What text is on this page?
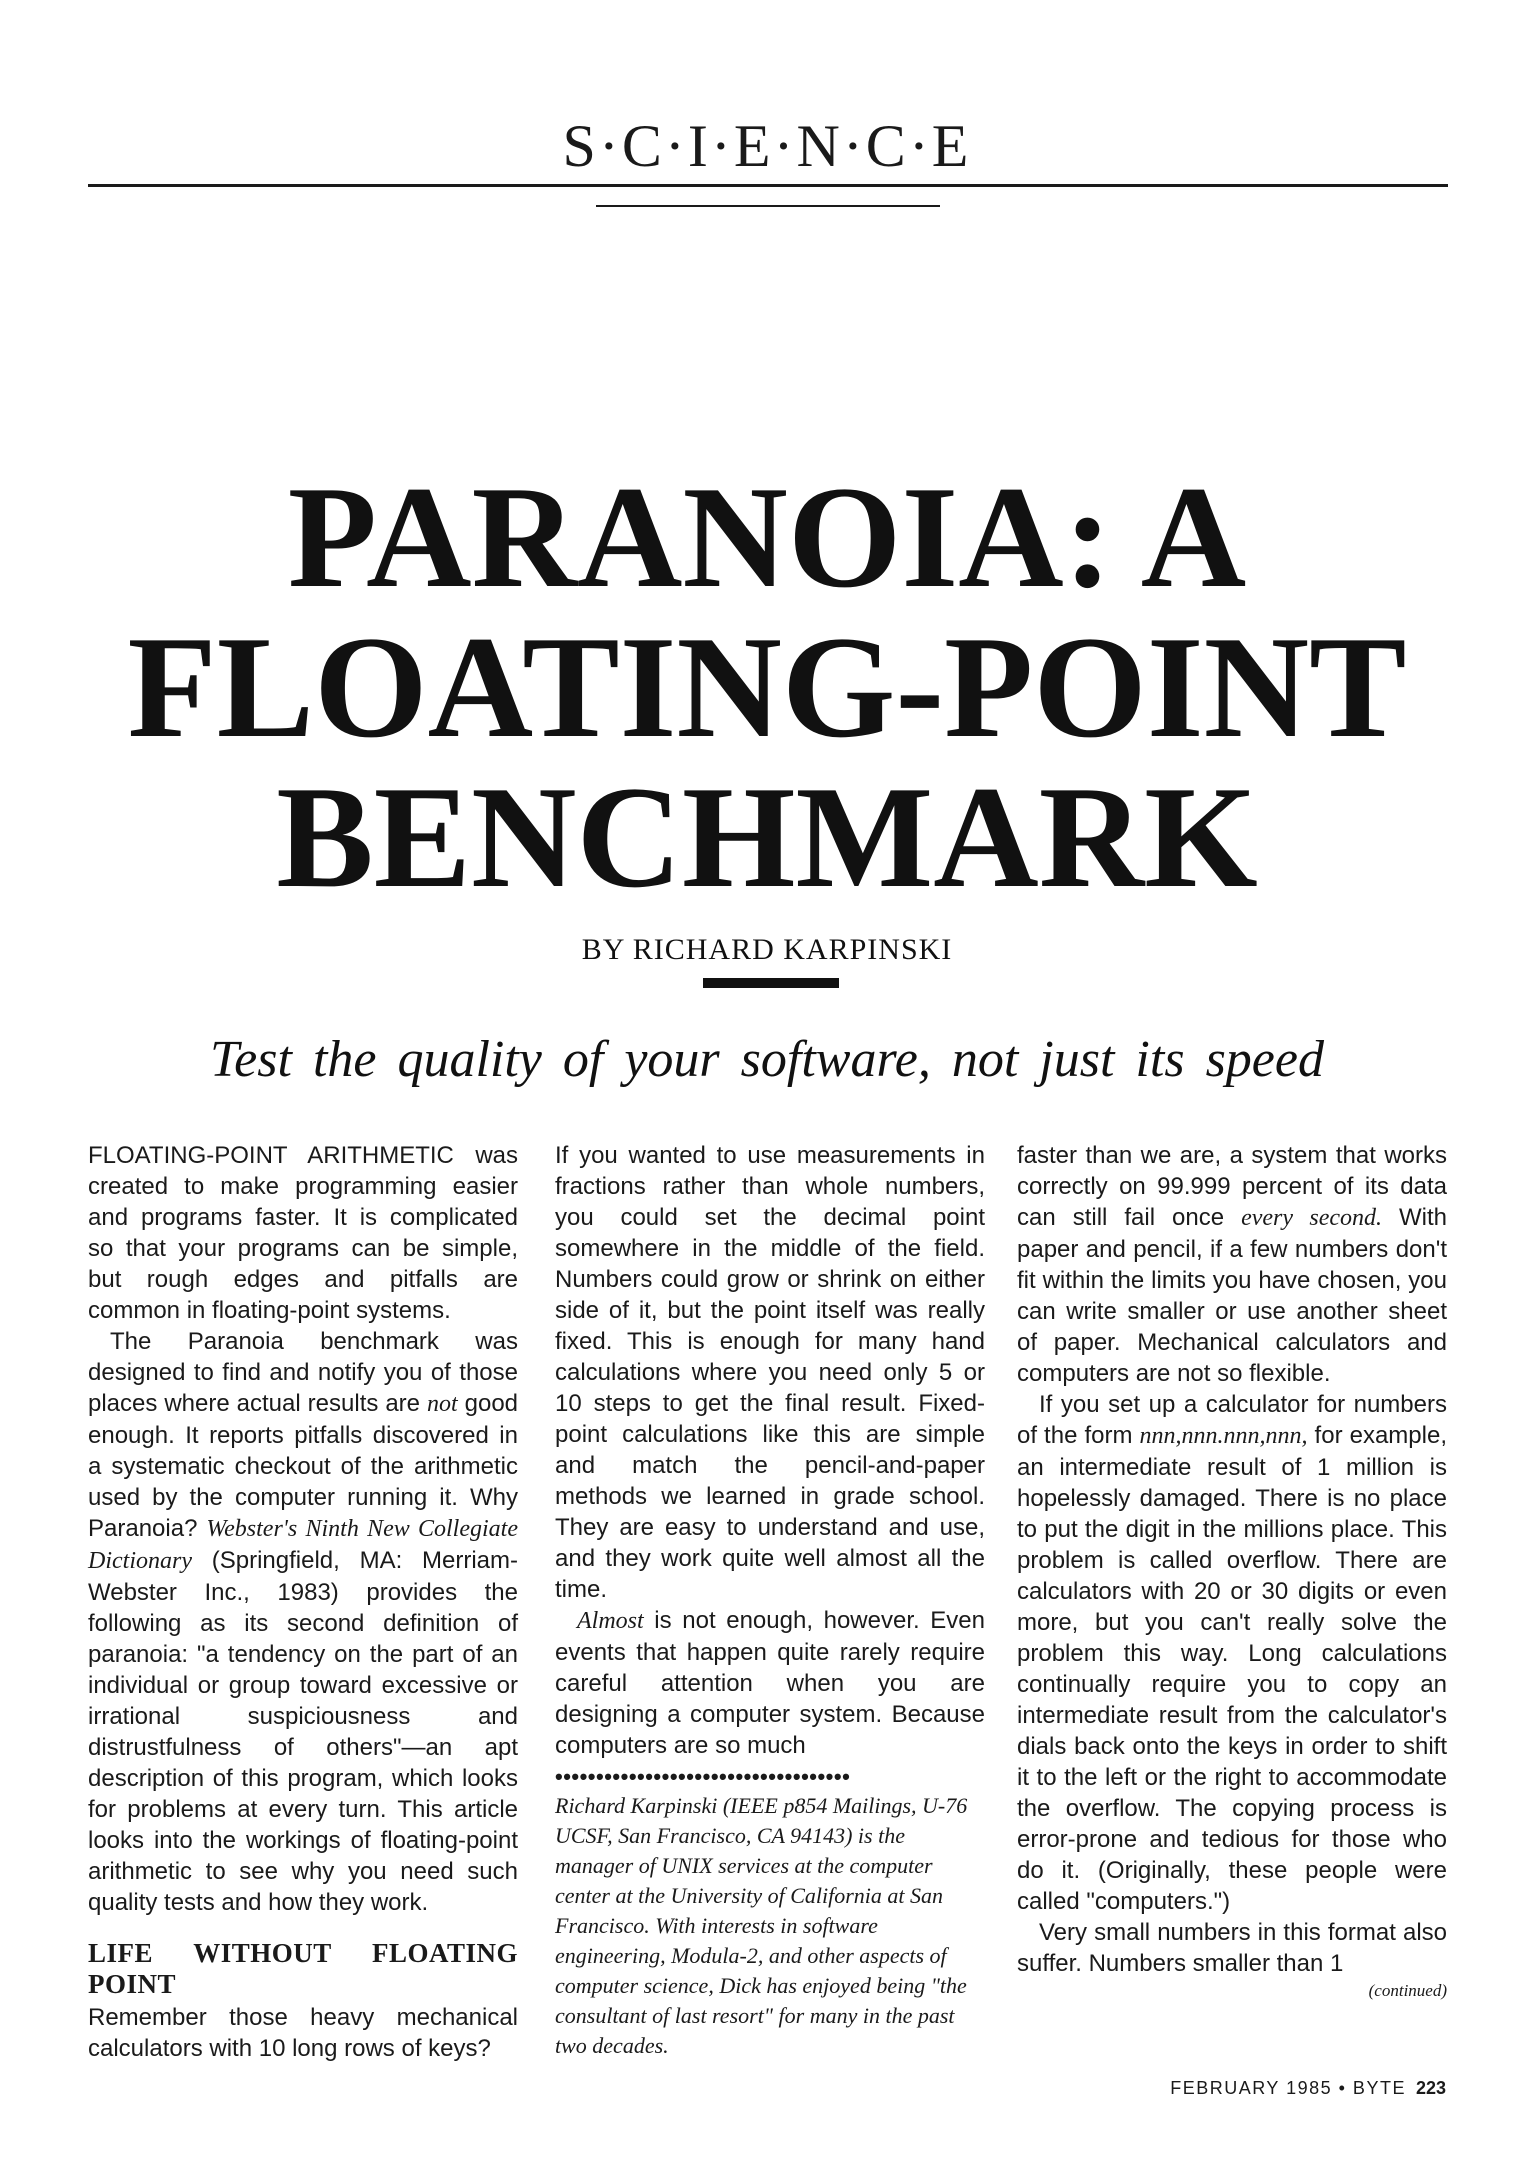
S·C·I·E·N·C·E
PARANOIA: A
FLOATING-POINT
BENCHMARK
BY RICHARD KARPINSKI
Test the quality of your software, not just its speed

FLOATING-POINT ARITHMETIC was created to make programming easier and programs faster. It is complicated so that your programs can be simple, but rough edges and pitfalls are common in floating-point systems.

The Paranoia benchmark was designed to find and notify you of those places where actual results are not good enough. It reports pitfalls discovered in a systematic checkout of the arithmetic used by the computer running it. Why Paranoia? Webster's Ninth New Collegiate Dictionary (Springfield, MA: Merriam-Webster Inc., 1983) provides the following as its second definition of paranoia: "a tendency on the part of an individual or group toward excessive or irrational suspiciousness and distrustfulness of others"—an apt description of this program, which looks for problems at every turn. This article looks into the workings of floating-point arithmetic to see why you need such quality tests and how they work.

LIFE WITHOUT FLOATING POINT

Remember those heavy mechanical calculators with 10 long rows of keys?

If you wanted to use measurements in fractions rather than whole numbers, you could set the decimal point somewhere in the middle of the field. Numbers could grow or shrink on either side of it, but the point itself was really fixed. This is enough for many hand calculations where you need only 5 or 10 steps to get the final result. Fixed-point calculations like this are simple and match the pencil-and-paper methods we learned in grade school. They are easy to understand and use, and they work quite well almost all the time.

Almost is not enough, however. Even events that happen quite rarely require careful attention when you are designing a computer system. Because computers are so much

••••••••••••••••••••••••••••••••••••

Richard Karpinski (IEEE p854 Mailings, U-76 UCSF, San Francisco, CA 94143) is the manager of UNIX services at the computer center at the University of California at San Francisco. With interests in software engineering, Modula-2, and other aspects of computer science, Dick has enjoyed being "the consultant of last resort" for many in the past two decades.

faster than we are, a system that works correctly on 99.999 percent of its data can still fail once every second. With paper and pencil, if a few numbers don't fit within the limits you have chosen, you can write smaller or use another sheet of paper. Mechanical calculators and computers are not so flexible.

If you set up a calculator for numbers of the form nnn,nnn.nnn,nnn, for example, an intermediate result of 1 million is hopelessly damaged. There is no place to put the digit in the millions place. This problem is called overflow. There are calculators with 20 or 30 digits or even more, but you can't really solve the problem this way. Long calculations continually require you to copy an intermediate result from the calculator's dials back onto the keys in order to shift it to the left or the right to accommodate the overflow. The copying process is error-prone and tedious for those who do it. (Originally, these people were called "computers.")

Very small numbers in this format also suffer. Numbers smaller than 1

(continued)
FEBRUARY 1985 • BYTE 223
